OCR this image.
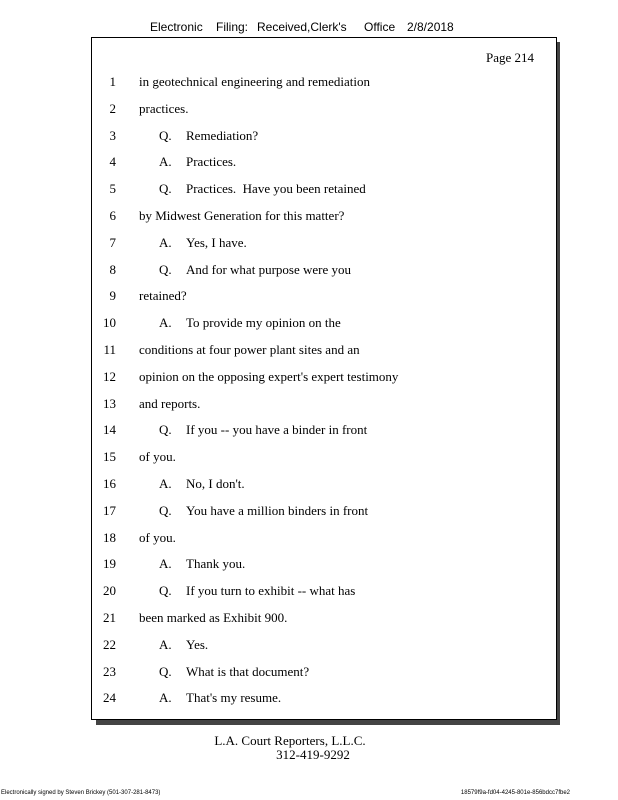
Electronic Filing: Received,Clerk's Office 2/8/2018
Page 214
1 in geotechnical engineering and remediation
2 practices.
3	Q. Remediation?
4	A. Practices.
5	Q. Practices.  Have you been retained
6 by Midwest Generation for this matter?
7	A. Yes, I have.
8	Q. And for what purpose were you
9 retained?
10	A. To provide my opinion on the
11 conditions at four power plant sites and an
12 opinion on the opposing expert's expert testimony
13 and reports.
14	Q. If you -- you have a binder in front
15 of you.
16	A. No, I don't.
17	Q. You have a million binders in front
18 of you.
19	A. Thank you.
20	Q. If you turn to exhibit -- what has
21 been marked as Exhibit 900.
22	A. Yes.
23	Q. What is that document?
24	A. That's my resume.
L.A. Court Reporters, L.L.C.
312-419-9292
Electronically signed by Steven Brickey (501-307-281-8473)	18579f9a-fd04-4245-801e-856bdcc7fbe2
